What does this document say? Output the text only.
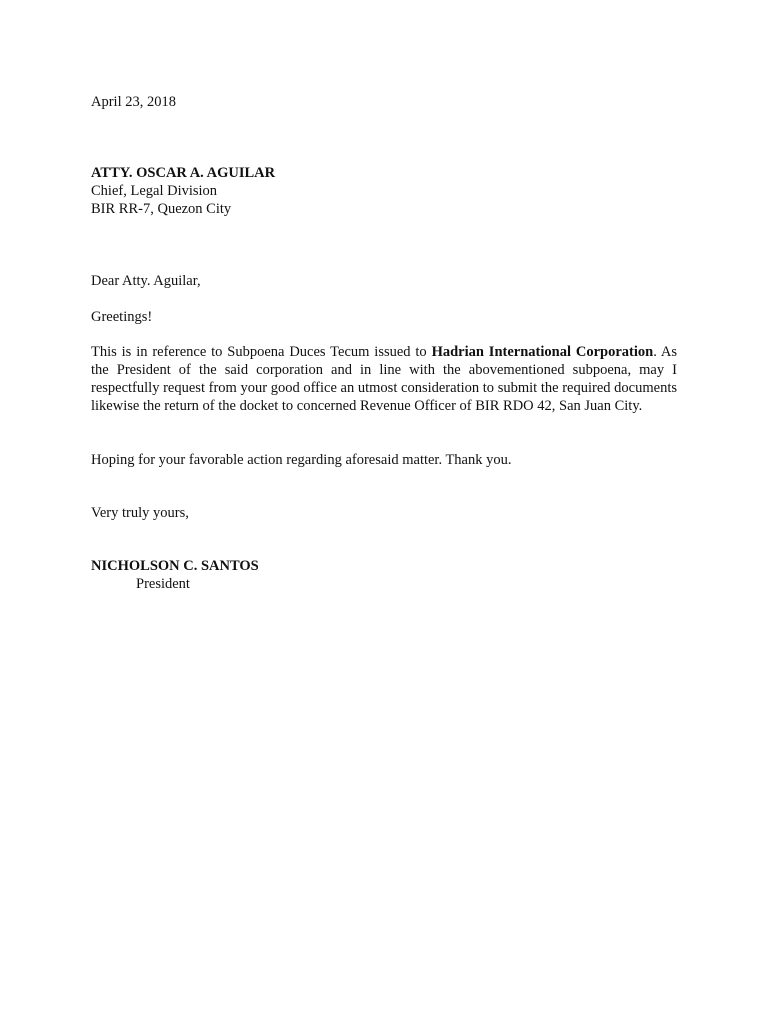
April 23, 2018
ATTY. OSCAR A. AGUILAR
Chief, Legal Division
BIR RR-7, Quezon City
Dear Atty. Aguilar,
Greetings!
This is in reference to Subpoena Duces Tecum issued to Hadrian International Corporation. As the President of the said corporation and in line with the abovementioned subpoena, may I respectfully request from your good office an utmost consideration to submit the required documents likewise the return of the docket to concerned Revenue Officer of BIR RDO 42, San Juan City.
Hoping for your favorable action regarding aforesaid matter. Thank you.
Very truly yours,
NICHOLSON C. SANTOS
President
